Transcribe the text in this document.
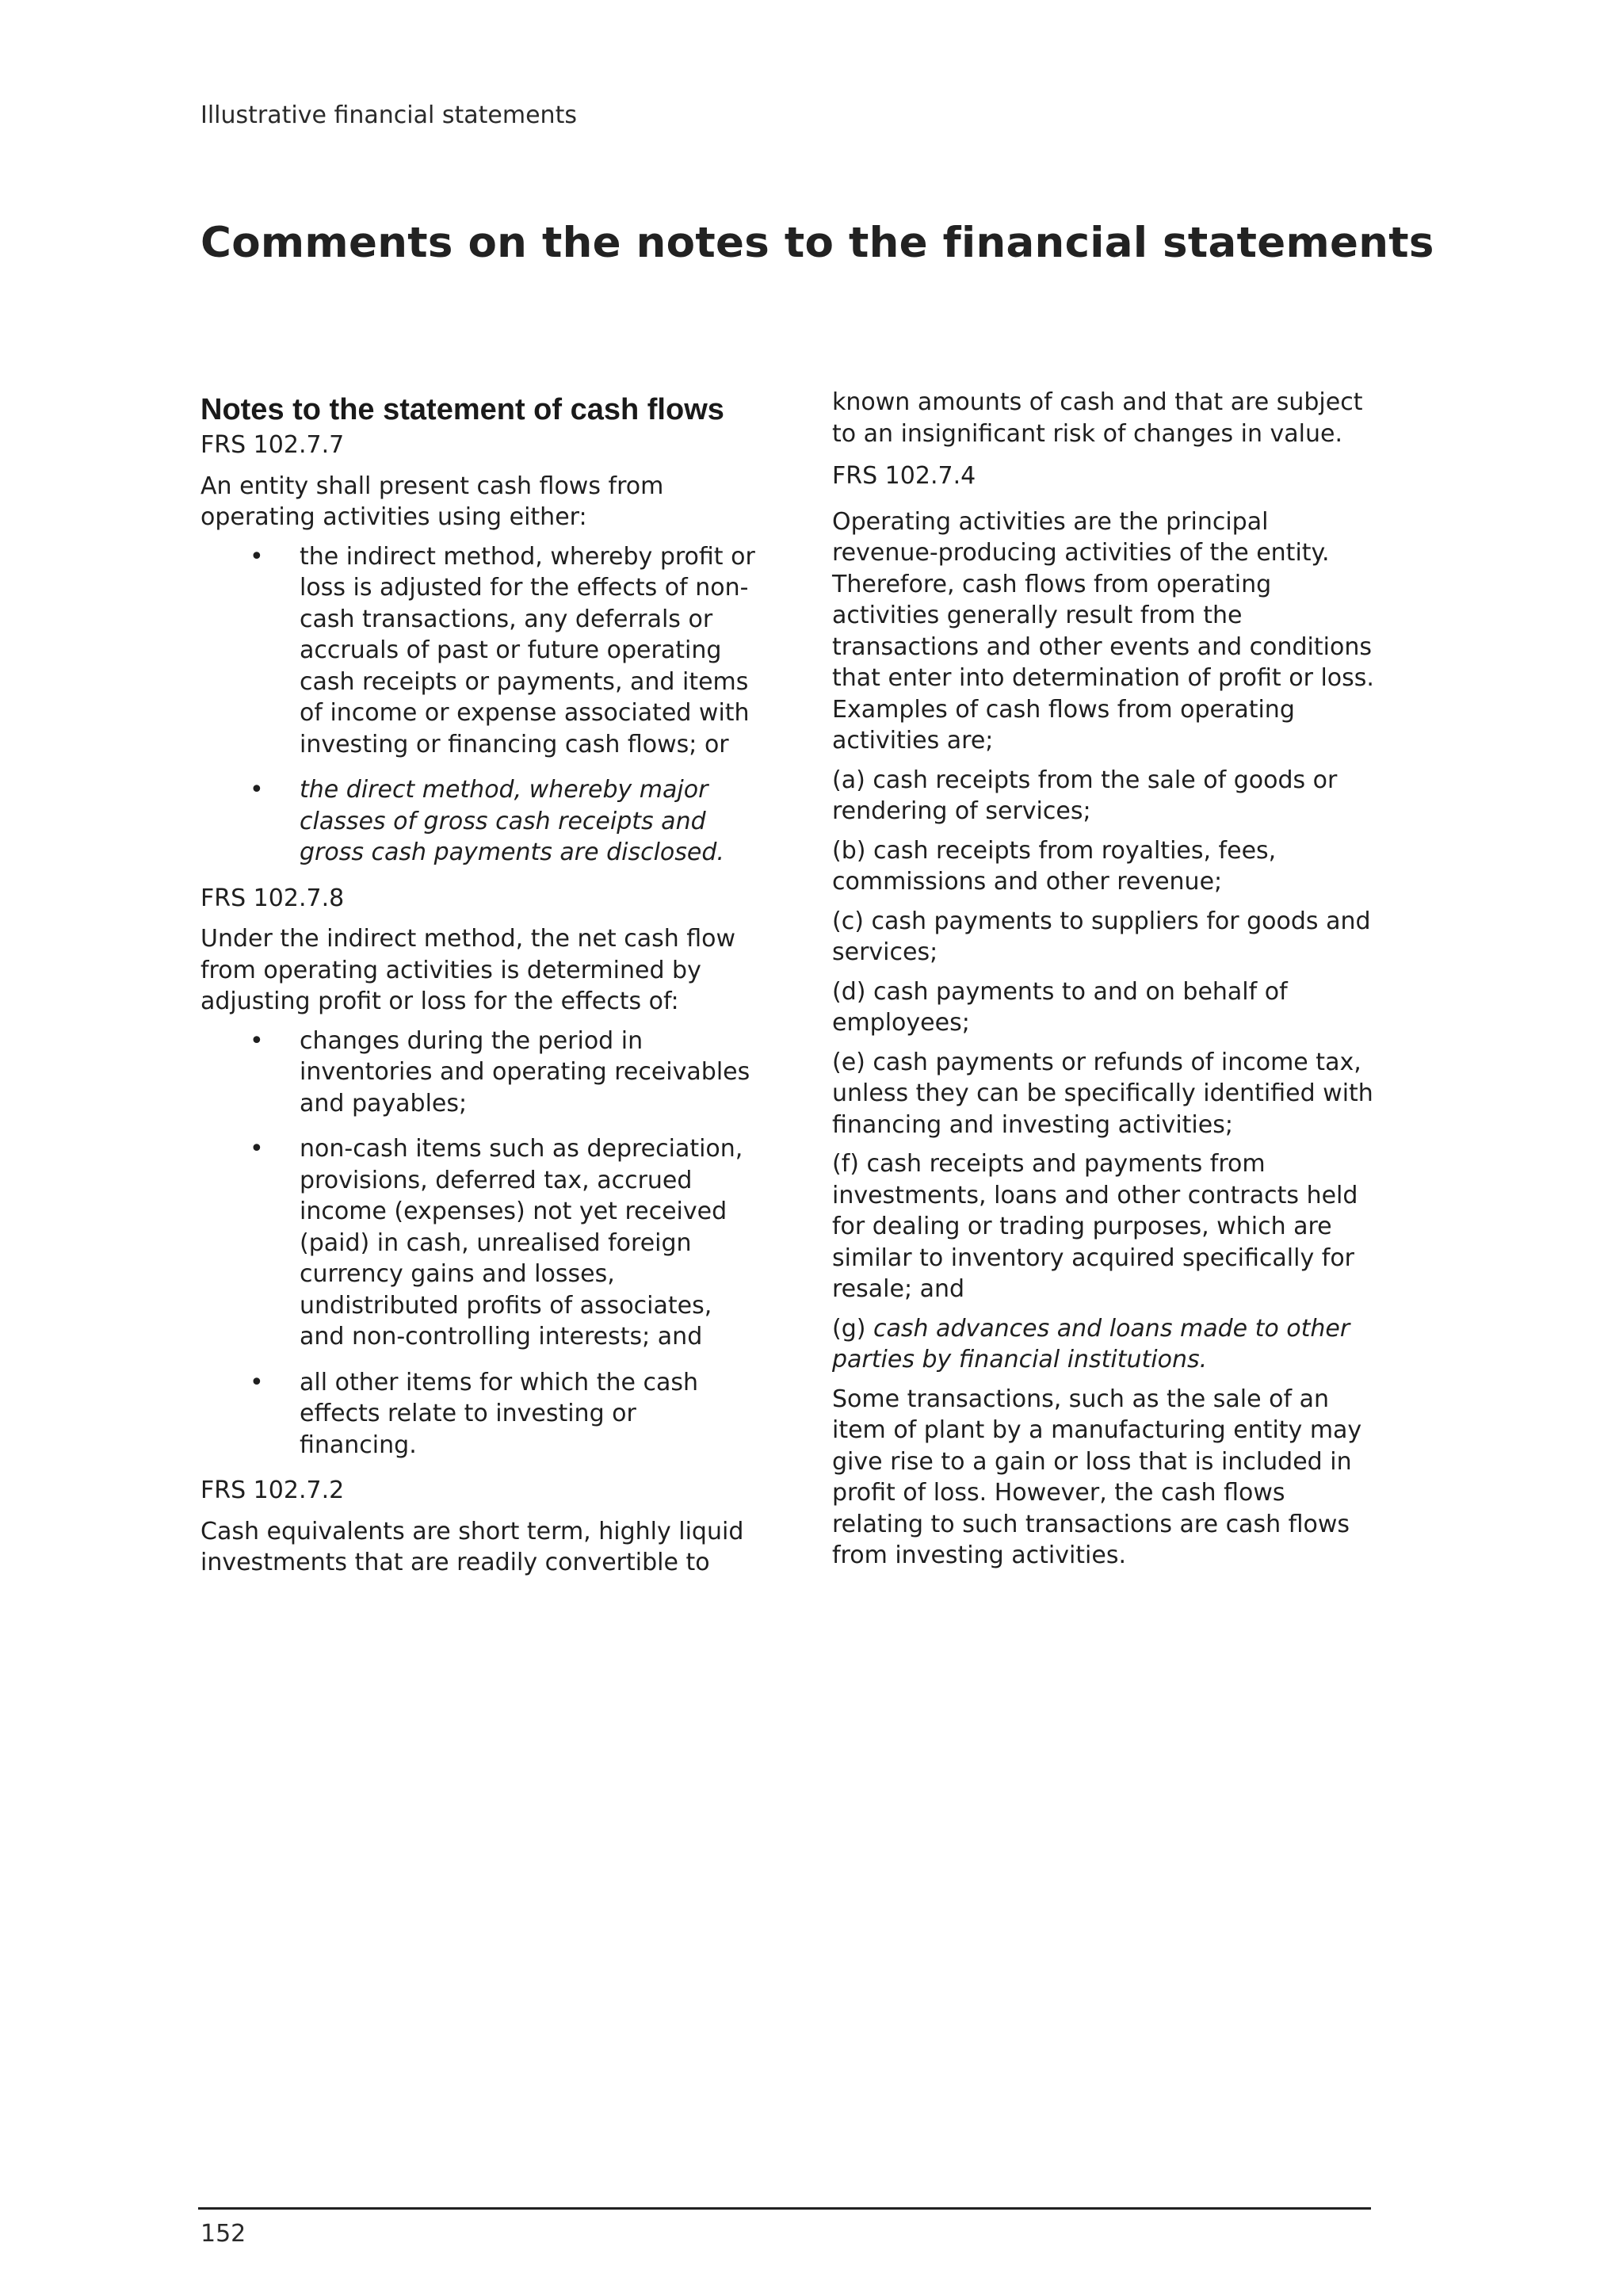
Illustrative financial statements
Comments on the notes to the financial statements
Notes to the statement of cash flows
FRS 102.7.7

An entity shall present cash flows from operating activities using either:

• the indirect method, whereby profit or loss is adjusted for the effects of non-cash transactions, any deferrals or accruals of past or future operating cash receipts or payments, and items of income or expense associated with investing or financing cash flows; or
• the direct method, whereby major classes of gross cash receipts and gross cash payments are disclosed.
FRS 102.7.8

Under the indirect method, the net cash flow from operating activities is determined by adjusting profit or loss for the effects of:

• changes during the period in inventories and operating receivables and payables;
• non-cash items such as depreciation, provisions, deferred tax, accrued income (expenses) not yet received (paid) in cash, unrealised foreign currency gains and losses, undistributed profits of associates, and non-controlling interests; and
• all other items for which the cash effects relate to investing or financing.
FRS 102.7.2

Cash equivalents are short term, highly liquid investments that are readily convertible to

known amounts of cash and that are subject to an insignificant risk of changes in value.

FRS 102.7.4

Operating activities are the principal revenue-producing activities of the entity. Therefore, cash flows from operating activities generally result from the transactions and other events and conditions that enter into determination of profit or loss. Examples of cash flows from operating activities are;

(a) cash receipts from the sale of goods or rendering of services;

(b) cash receipts from royalties, fees, commissions and other revenue;

(c) cash payments to suppliers for goods and services;

(d) cash payments to and on behalf of employees;

(e) cash payments or refunds of income tax, unless they can be specifically identified with financing and investing activities;

(f) cash receipts and payments from investments, loans and other contracts held for dealing or trading purposes, which are similar to inventory acquired specifically for resale; and

(g) cash advances and loans made to other parties by financial institutions.

Some transactions, such as the sale of an item of plant by a manufacturing entity may give rise to a gain or loss that is included in profit of loss. However, the cash flows relating to such transactions are cash flows from investing activities.

152
